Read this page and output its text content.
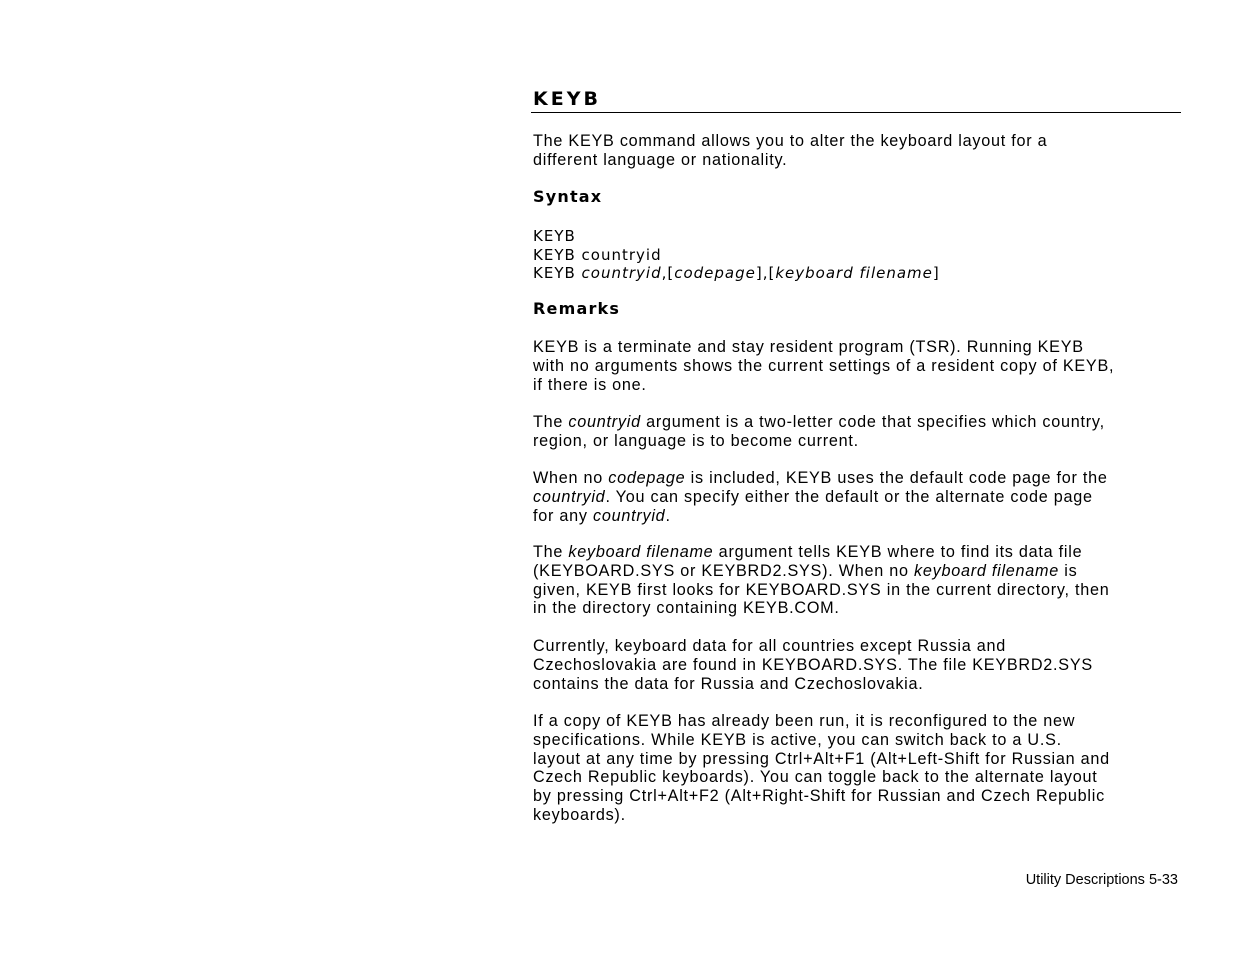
KEYB

The KEYB command allows you to alter the keyboard layout for a

different language or nationality.

Syntax

KEYB

KEYB countryid

KEYB countryid,[codepage],[keyboard filename]

Remarks

KEYB is a terminate and stay resident program (TSR). Running KEYB

with no arguments shows the current settings of a resident copy of KEYB,

if there is one.

The countryid argument is a two-letter code that specifies which country,

region, or language is to become current.

When no codepage is included, KEYB uses the default code page for the

countryid. You can specify either the default or the alternate code page

for any countryid.

The keyboard filename argument tells KEYB where to find its data file

(KEYBOARD.SYS or KEYBRD2.SYS). When no keyboard filename is

given, KEYB first looks for KEYBOARD.SYS in the current directory, then

in the directory containing KEYB.COM.

Currently, keyboard data for all countries except Russia and

Czechoslovakia are found in KEYBOARD.SYS. The file KEYBRD2.SYS

contains the data for Russia and Czechoslovakia.

If a copy of KEYB has already been run, it is reconfigured to the new

specifications. While KEYB is active, you can switch back to a U.S.

layout at any time by pressing Ctrl+Alt+F1 (Alt+Left-Shift for Russian and

Czech Republic keyboards). You can toggle back to the alternate layout

by pressing Ctrl+Alt+F2 (Alt+Right-Shift for Russian and Czech Republic

keyboards).

Utility Descriptions 5-33
